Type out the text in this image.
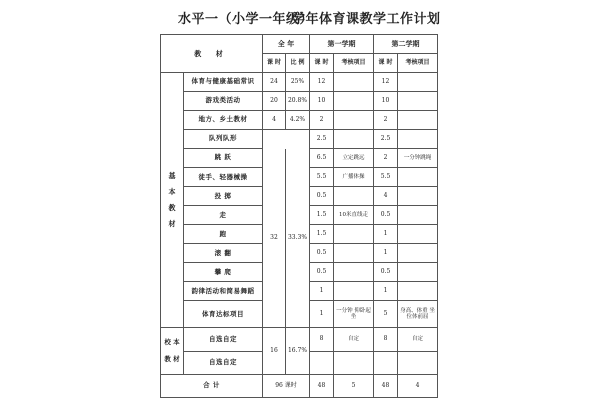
水平一（小学一年级）
学年体育课教学工作计划
教 材		全 年		第一学期		第二学期	
		课 时	比 例	课 时	考核项目	课 时	考核项目
基

本

教

材	体育与健康基础常识	24	25%	12		12	
	游戏类活动	20	20.8%	10		10	
	地方、乡土教材	4	4.2%	2		2	
	队列队形			2.5		2.5	
	跳 跃	32	33.3%	6.5	立定跳远	2	一分钟跳绳
	徒手、轻器械操			5.5	广播体操	5.5	
	投 掷			0.5		4	
	走			1.5	10米直线走	0.5	
	跑			1.5		1	
	滚 翻			0.5		1	
	攀 爬			0.5		0.5	
	韵律活动和简易舞蹈			1		1	
	体育达标项目			1	一分钟 仰卧起坐	5	身高、体重 坐位体前屈
校 本
教 材	自选自定	16	16.7%	8	自定	8	自定
	自选自定						
合 计		96 课时		48	5	48	4
